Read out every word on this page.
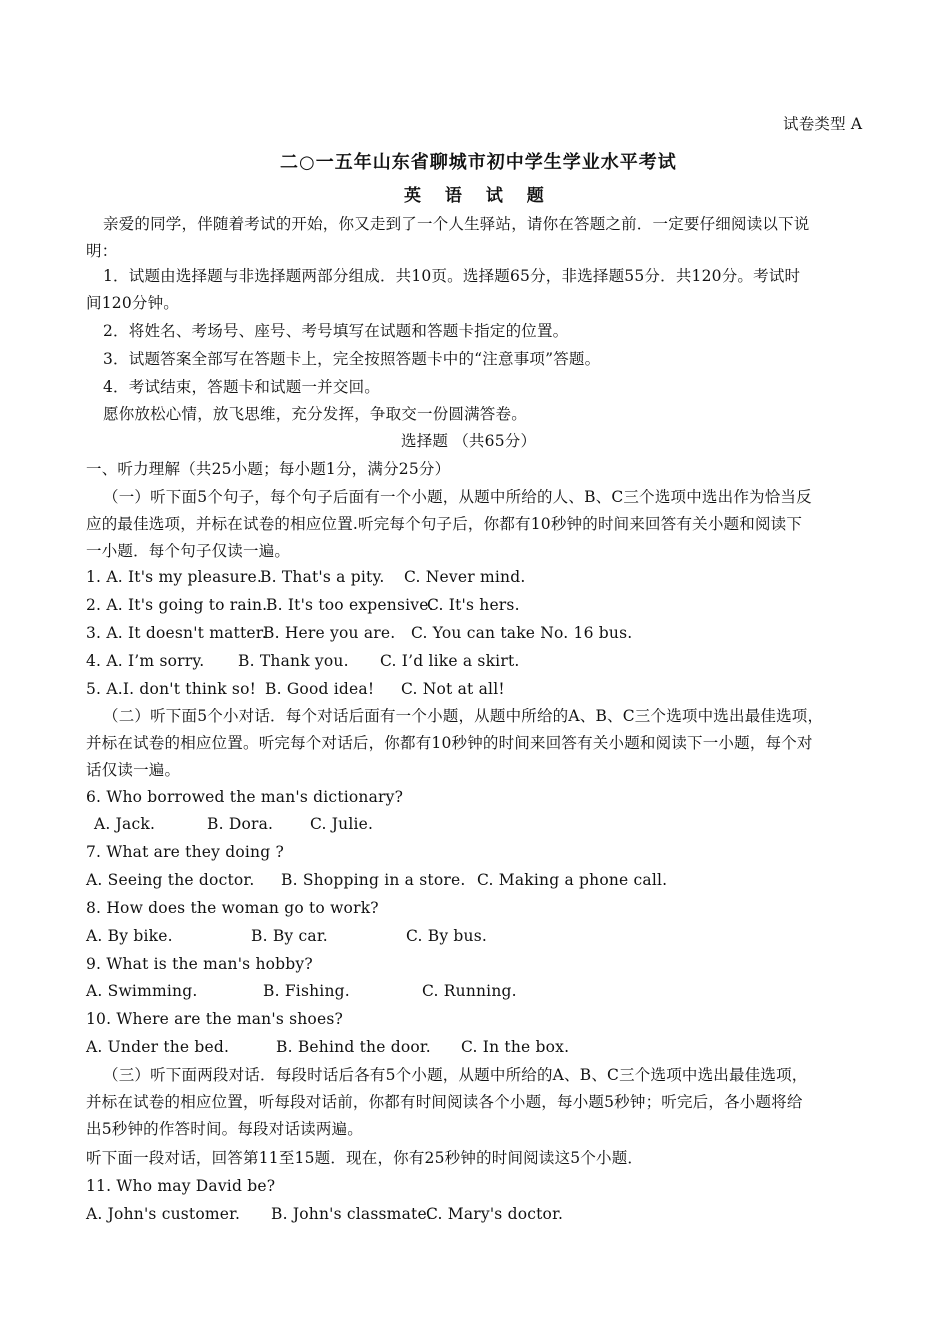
试卷类型 A
二○一五年山东省聊城市初中学生学业水平考试
英 语 试 题
亲爱的同学，伴随着考试的开始，你又走到了一个人生驿站，请你在答题之前．一定要仔细阅读以下说
明：
1．试题由选择题与非选择题两部分组成．共10页。选择题65分，非选择题55分．共120分。考试时
间120分钟。
2．将姓名、考场号、座号、考号填写在试题和答题卡指定的位置。
3．试题答案全部写在答题卡上，完全按照答题卡中的“注意事项”答题。
4．考试结束，答题卡和试题一并交回。
愿你放松心情，放飞思维，充分发挥，争取交一份圆满答卷。
选择题 （共65分）
一、听力理解（共25小题；每小题1分，满分25分）
（一）听下面5个句子，每个句子后面有一个小题，从题中所给的人、B、C三个选项中选出作为恰当反
应的最佳选项，并标在试卷的相应位置.听完每个句子后，你都有10秒钟的时间来回答有关小题和阅读下
一小题．每个句子仅读一遍。
1. A. It's my pleasure.
B. That's a pity. C. Never mind.
2. A. It's going to rain.
B. It's too expensive.
C. It's hers.
3. A. It doesn't matter.
B. Here you are. C. You can take No. 16 bus.
4. A. I’m sorry. B. Thank you. C. I’d like a skirt.
5. A.I. don't think so! B. Good idea! C. Not at all!
（二）听下面5个小对话．每个对话后面有一个小题，从题中所给的A、B、C三个选项中选出最佳选项，
并标在试卷的相应位置。听完每个对话后，你都有10秒钟的时间来回答有关小题和阅读下一小题，每个对
话仅读一遍。
6. Who borrowed the man's dictionary?
A. Jack.	B. Dora. C. Julie.
7. What are they doing ?
A. Seeing the doctor. B. Shopping in a store. C. Making a phone call.
8. How does the woman go to work?
A. By bike.	B. By car.	C. By bus.
9. What is the man's hobby?
A. Swimming.	B. Fishing.	C. Running.
10. Where are the man's shoes?
A. Under the bed.	B. Behind the door. C. In the box.
（三）听下面两段对话．每段时话后各有5个小题，从题中所给的A、B、C三个选项中选出最佳选项，
并标在试卷的相应位置，听每段对话前，你都有时间阅读各个小题，每小题5秒钟；听完后，各小题将给
出5秒钟的作答时间。每段对话读两遍。
听下面一段对话，回答第11至15题．现在，你有25秒钟的时间阅读这5个小题．
11. Who may David be?
A. John's customer. B. John's classmate.
C. Mary's doctor.
